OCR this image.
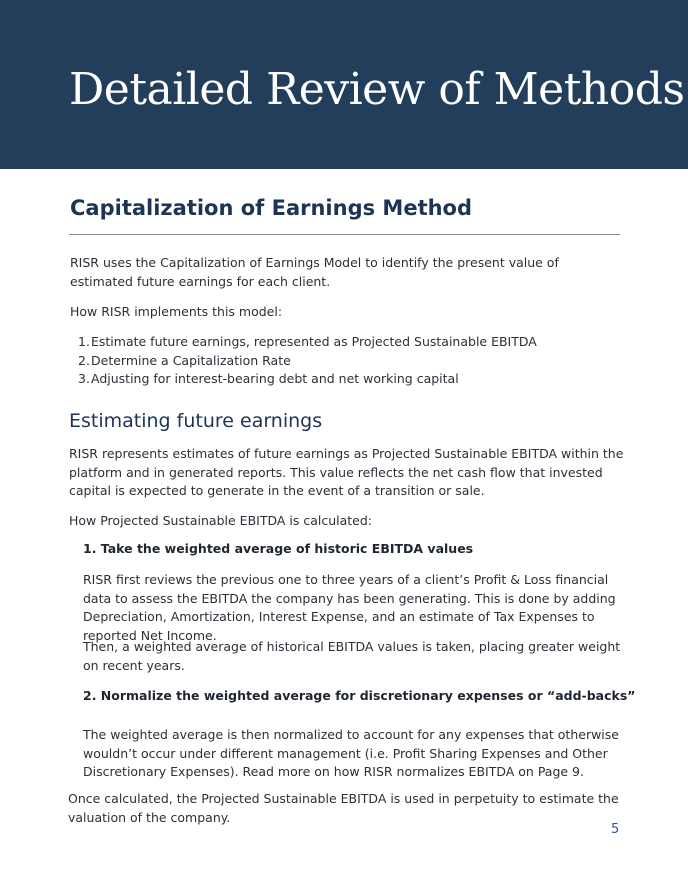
Detailed Review of Methods
Capitalization of Earnings Method
RISR uses the Capitalization of Earnings Model to identify the present value of estimated future earnings for each client.
How RISR implements this model:
1.Estimate future earnings, represented as Projected Sustainable EBITDA
2.Determine a Capitalization Rate
3.Adjusting for interest-bearing debt and net working capital
Estimating future earnings
RISR represents estimates of future earnings as Projected Sustainable EBITDA within the platform and in generated reports. This value reflects the net cash flow that invested capital is expected to generate in the event of a transition or sale.
How Projected Sustainable EBITDA is calculated:
1. Take the weighted average of historic EBITDA values
RISR first reviews the previous one to three years of a client’s Profit & Loss financial data to assess the EBITDA the company has been generating. This is done by adding Depreciation, Amortization, Interest Expense, and an estimate of Tax Expenses to reported Net Income.
Then, a weighted average of historical EBITDA values is taken, placing greater weight on recent years.
2. Normalize the weighted average for discretionary expenses or “add-backs”
The weighted average is then normalized to account for any expenses that otherwise wouldn’t occur under different management (i.e. Profit Sharing Expenses and Other Discretionary Expenses). Read more on how RISR normalizes EBITDA on Page 9.
Once calculated, the Projected Sustainable EBITDA is used in perpetuity to estimate the valuation of the company.
5
